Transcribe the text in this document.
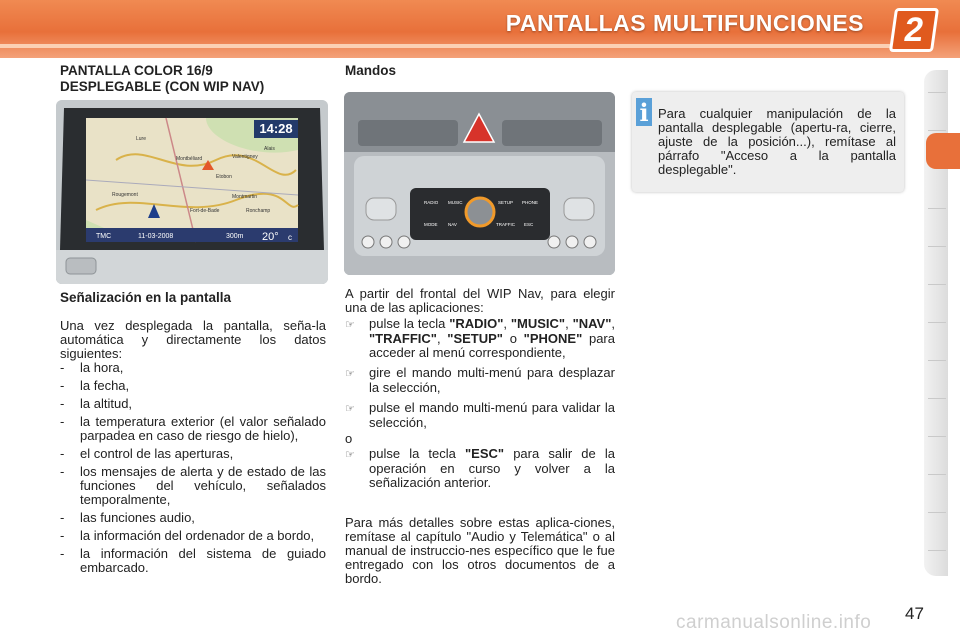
PANTALLAS MULTIFUNCIONES 2
PANTALLA COLOR 16/9
DESPLEGABLE (CON WIP NAV)
14:28
TMC	11-03-2008	300m 20° c
Lure
Montbéliard
Etobon
Valentigney
Fort-de-Bade
Montmartin
Ronchamp
Rougemont
Alais
Señalización en la pantalla
Una vez desplegada la pantalla, seña-la automática y directamente los datos siguientes:
- la hora,
- la fecha,
- la altitud,
- la temperatura exterior (el valor señalado parpadea en caso de riesgo de hielo),
- el control de las aperturas,
- los mensajes de alerta y de estado de las funciones del vehículo, señalados temporalmente,
- las funciones audio,
- la información del ordenador de a bordo,
- la información del sistema de guiado embarcado.
Mandos
RADIO MUSIC	SETUP PHONE
MODE NAV	TRAFFIC ESC
A partir del frontal del WIP Nav, para elegir una de las aplicaciones:
☞ pulse la tecla "RADIO", "MUSIC", "NAV", "TRAFFIC", "SETUP" o "PHONE" para acceder al menú correspondiente,
☞ gire el mando multi-menú para desplazar la selección,
☞ pulse el mando multi-menú para validar la selección,
o
☞ pulse la tecla "ESC" para salir de la operación en curso y volver a la señalización anterior.
Para más detalles sobre estas aplica-ciones, remítase al capítulo "Audio y Telemática" o al manual de instruccio-nes específico que le fue entregado con los otros documentos de a bordo.
i Para cualquier manipulación de la pantalla desplegable (apertu-ra, cierre, ajuste de la posición...), remítase al párrafo "Acceso a la pantalla desplegable".
47
carmanualsonline.info
